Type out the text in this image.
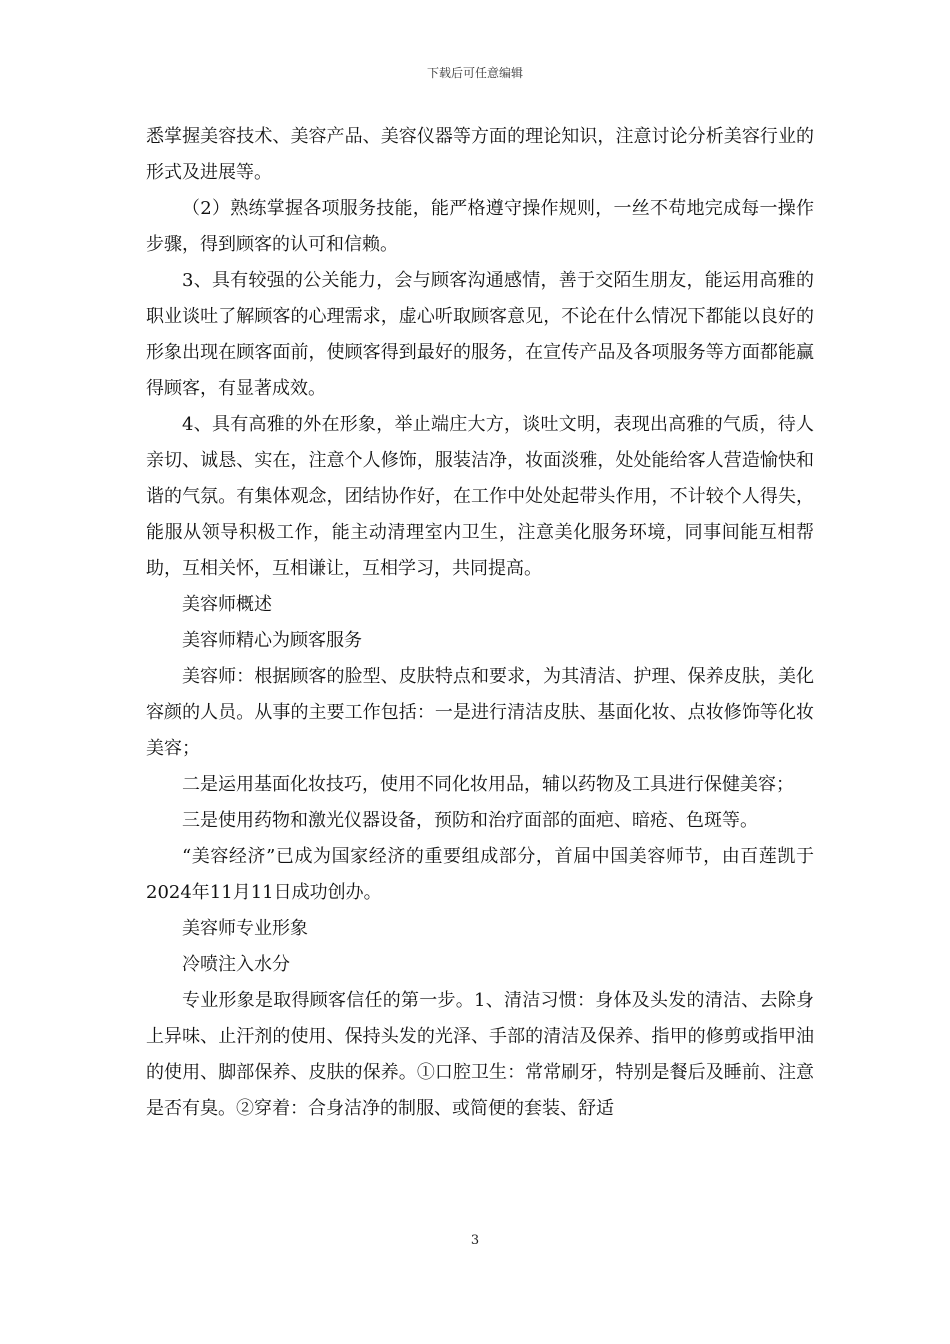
下载后可任意编辑

悉掌握美容技术、美容产品、美容仪器等方面的理论知识，注意讨论分析美容行业的形式及进展等。

（2）熟练掌握各项服务技能，能严格遵守操作规则，一丝不苟地完成每一操作步骤，得到顾客的认可和信赖。

3、具有较强的公关能力，会与顾客沟通感情，善于交陌生朋友，能运用高雅的职业谈吐了解顾客的心理需求，虚心听取顾客意见，不论在什么情况下都能以良好的形象出现在顾客面前，使顾客得到最好的服务，在宣传产品及各项服务等方面都能赢得顾客，有显著成效。

4、具有高雅的外在形象，举止端庄大方，谈吐文明，表现出高雅的气质，待人亲切、诚恳、实在，注意个人修饰，服装洁净，妆面淡雅，处处能给客人营造愉快和谐的气氛。有集体观念，团结协作好，在工作中处处起带头作用，不计较个人得失，能服从领导积极工作，能主动清理室内卫生，注意美化服务环境，同事间能互相帮助，互相关怀，互相谦让，互相学习，共同提高。

美容师概述

美容师精心为顾客服务

美容师：根据顾客的脸型、皮肤特点和要求，为其清洁、护理、保养皮肤，美化容颜的人员。从事的主要工作包括：一是进行清洁皮肤、基面化妆、点妆修饰等化妆美容；

二是运用基面化妆技巧，使用不同化妆用品，辅以药物及工具进行保健美容；

三是使用药物和激光仪器设备，预防和治疗面部的面疤、暗疮、色斑等。

“美容经济”已成为国家经济的重要组成部分，首届中国美容师节，由百莲凯于2024年11月11日成功创办。

美容师专业形象

冷喷注入水分

专业形象是取得顾客信任的第一步。1、清洁习惯：身体及头发的清洁、去除身上异味、止汗剂的使用、保持头发的光泽、手部的清洁及保养、指甲的修剪或指甲油的使用、脚部保养、皮肤的保养。①口腔卫生：常常刷牙，特别是餐后及睡前、注意是否有臭。②穿着：合身洁净的制服、或简便的套装、舒适

3
